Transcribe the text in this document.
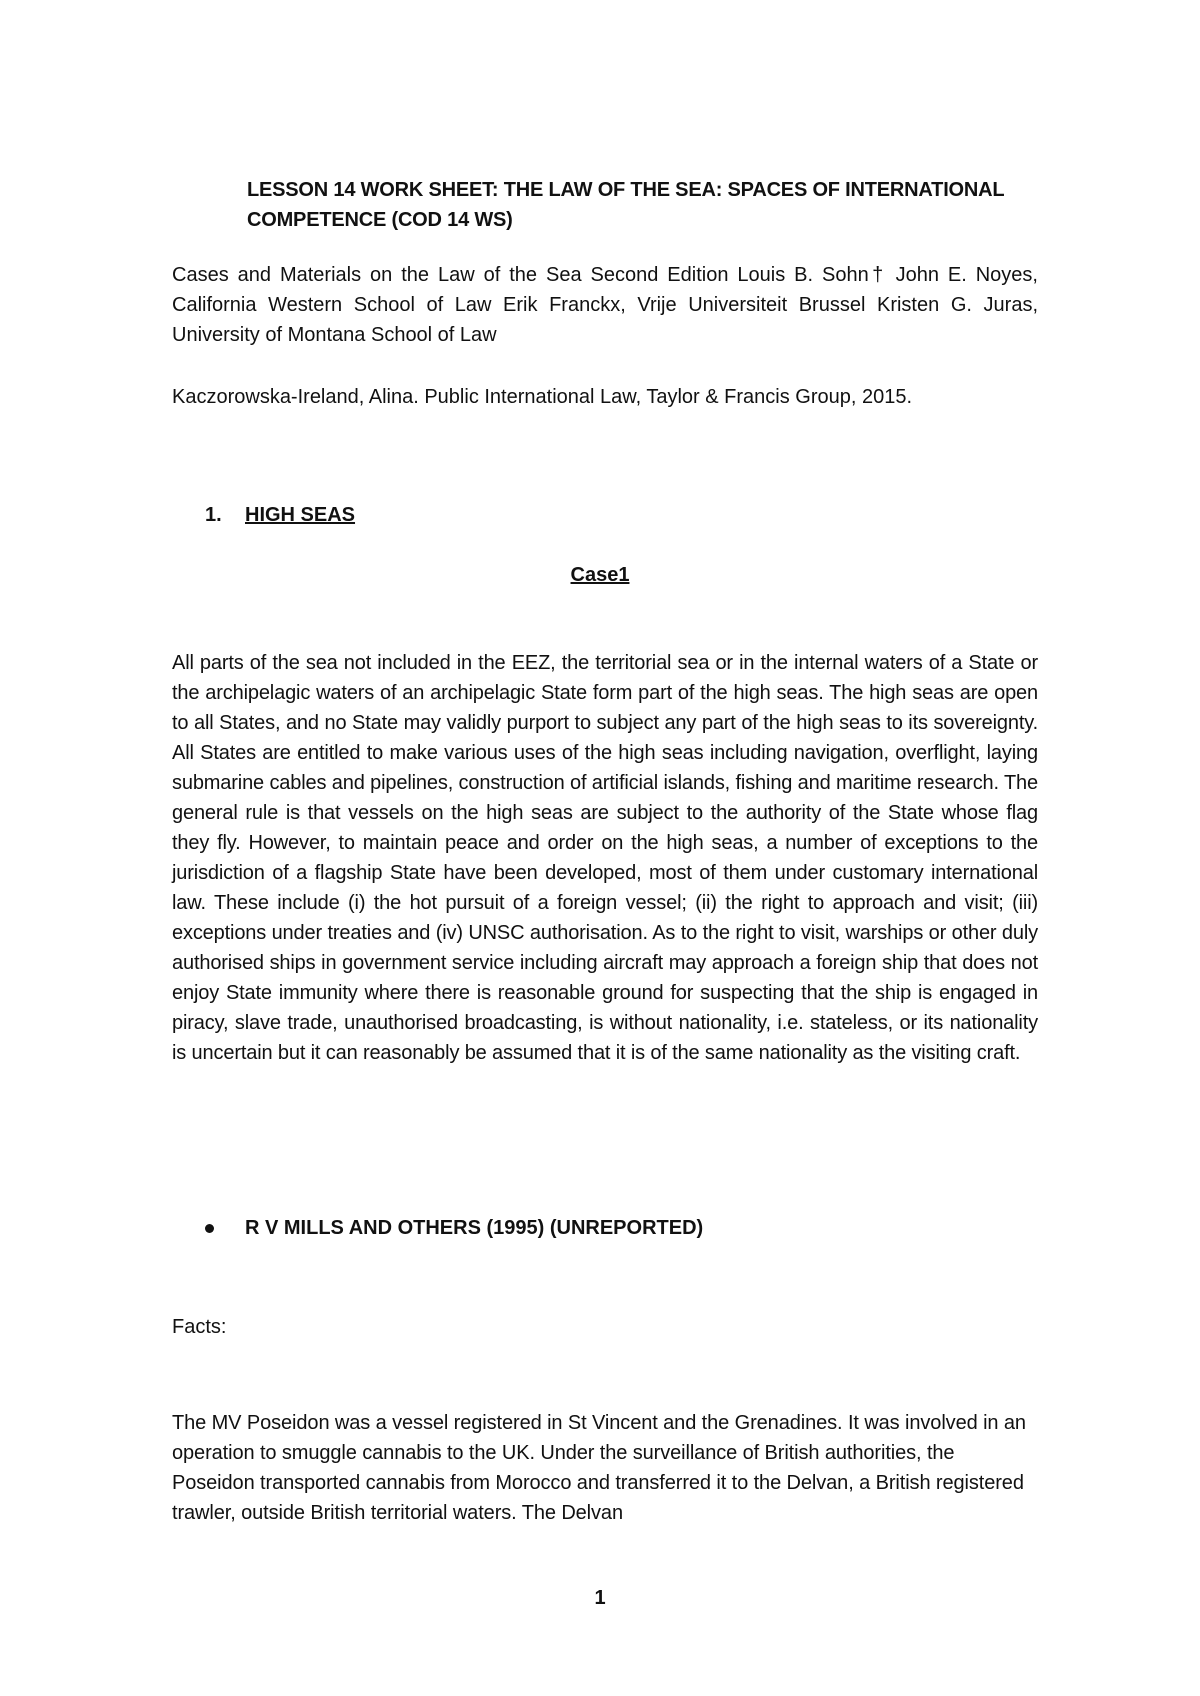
LESSON 14 WORK SHEET: THE LAW OF THE SEA: SPACES OF INTERNATIONAL COMPETENCE (COD 14 WS)
Cases and Materials on the Law of the Sea Second Edition Louis B. Sohn† John E. Noyes, California Western School of Law Erik Franckx, Vrije Universiteit Brussel Kristen G. Juras, University of Montana School of Law
Kaczorowska-Ireland, Alina. Public International Law, Taylor & Francis Group, 2015.
1. HIGH SEAS
Case1
All parts of the sea not included in the EEZ, the territorial sea or in the internal waters of a State or the archipelagic waters of an archipelagic State form part of the high seas. The high seas are open to all States, and no State may validly purport to subject any part of the high seas to its sovereignty. All States are entitled to make various uses of the high seas including navigation, overflight, laying submarine cables and pipelines, construction of artificial islands, fishing and maritime research. The general rule is that vessels on the high seas are subject to the authority of the State whose flag they fly. However, to maintain peace and order on the high seas, a number of exceptions to the jurisdiction of a flagship State have been developed, most of them under customary international law. These include (i) the hot pursuit of a foreign vessel; (ii) the right to approach and visit; (iii) exceptions under treaties and (iv) UNSC authorisation. As to the right to visit, warships or other duly authorised ships in government service including aircraft may approach a foreign ship that does not enjoy State immunity where there is reasonable ground for suspecting that the ship is engaged in piracy, slave trade, unauthorised broadcasting, is without nationality, i.e. stateless, or its nationality is uncertain but it can reasonably be assumed that it is of the same nationality as the visiting craft.
R V MILLS AND OTHERS (1995) (UNREPORTED)
Facts:
The MV Poseidon was a vessel registered in St Vincent and the Grenadines. It was involved in an operation to smuggle cannabis to the UK. Under the surveillance of British authorities, the Poseidon transported cannabis from Morocco and transferred it to the Delvan, a British registered trawler, outside British territorial waters. The Delvan
1
